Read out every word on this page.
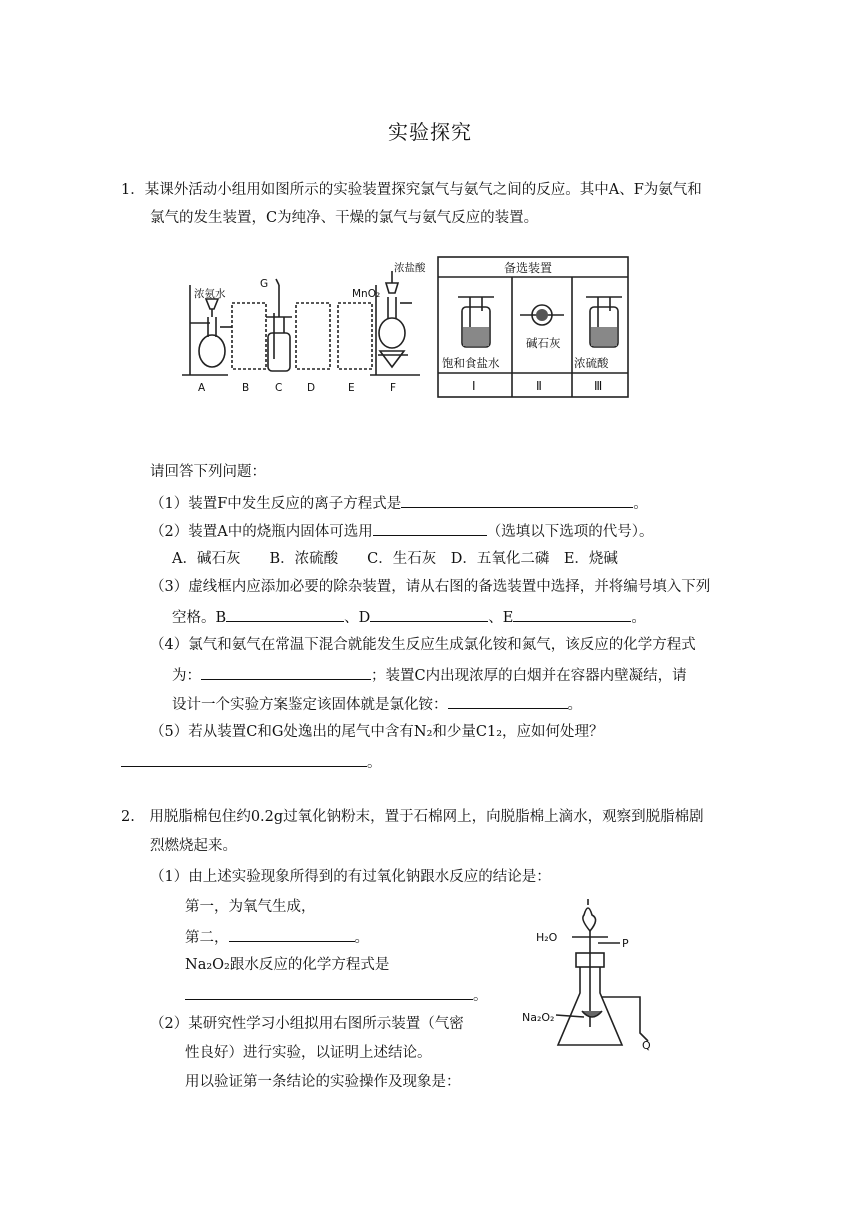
实验探究
1．某课外活动小组用如图所示的实验装置探究氯气与氨气之间的反应。其中A、F为氨气和
氯气的发生装置，C为纯净、干燥的氯气与氨气反应的装置。
浓氨水
G
MnO₂
浓盐酸
A	B C D	E	F
备选装置
饱和食盐水
碱石灰
浓硫酸
Ⅰ	Ⅱ	Ⅲ
请回答下列问题：
（1）装置F中发生反应的离子方程式是	。
（2）装置A中的烧瓶内固体可选用	（选填以下选项的代号）。
A．碱石灰　　B．浓硫酸　　C．生石灰　D．五氧化二磷　E．烧碱
（3）虚线框内应添加必要的除杂装置，请从右图的备选装置中选择，并将编号填入下列
空格。B	、D	、E	。
（4）氯气和氨气在常温下混合就能发生反应生成氯化铵和氮气，该反应的化学方程式
为：	；装置C内出现浓厚的白烟并在容器内壁凝结，请
设计一个实验方案鉴定该固体就是氯化铵：	。
（5）若从装置C和G处逸出的尾气中含有N₂和少量C1₂，应如何处理？
。
2.　用脱脂棉包住约0.2g过氧化钠粉末，置于石棉网上，向脱脂棉上滴水，观察到脱脂棉剧
烈燃烧起来。
（1）由上述实验现象所得到的有过氧化钠跟水反应的结论是：
第一，为氧气生成，
第二，	。
Na₂O₂跟水反应的化学方程式是
。
（2）某研究性学习小组拟用右图所示装置（气密
性良好）进行实验，以证明上述结论。
用以验证第一条结论的实验操作及现象是：
H₂O	P
Na₂O₂
Q
